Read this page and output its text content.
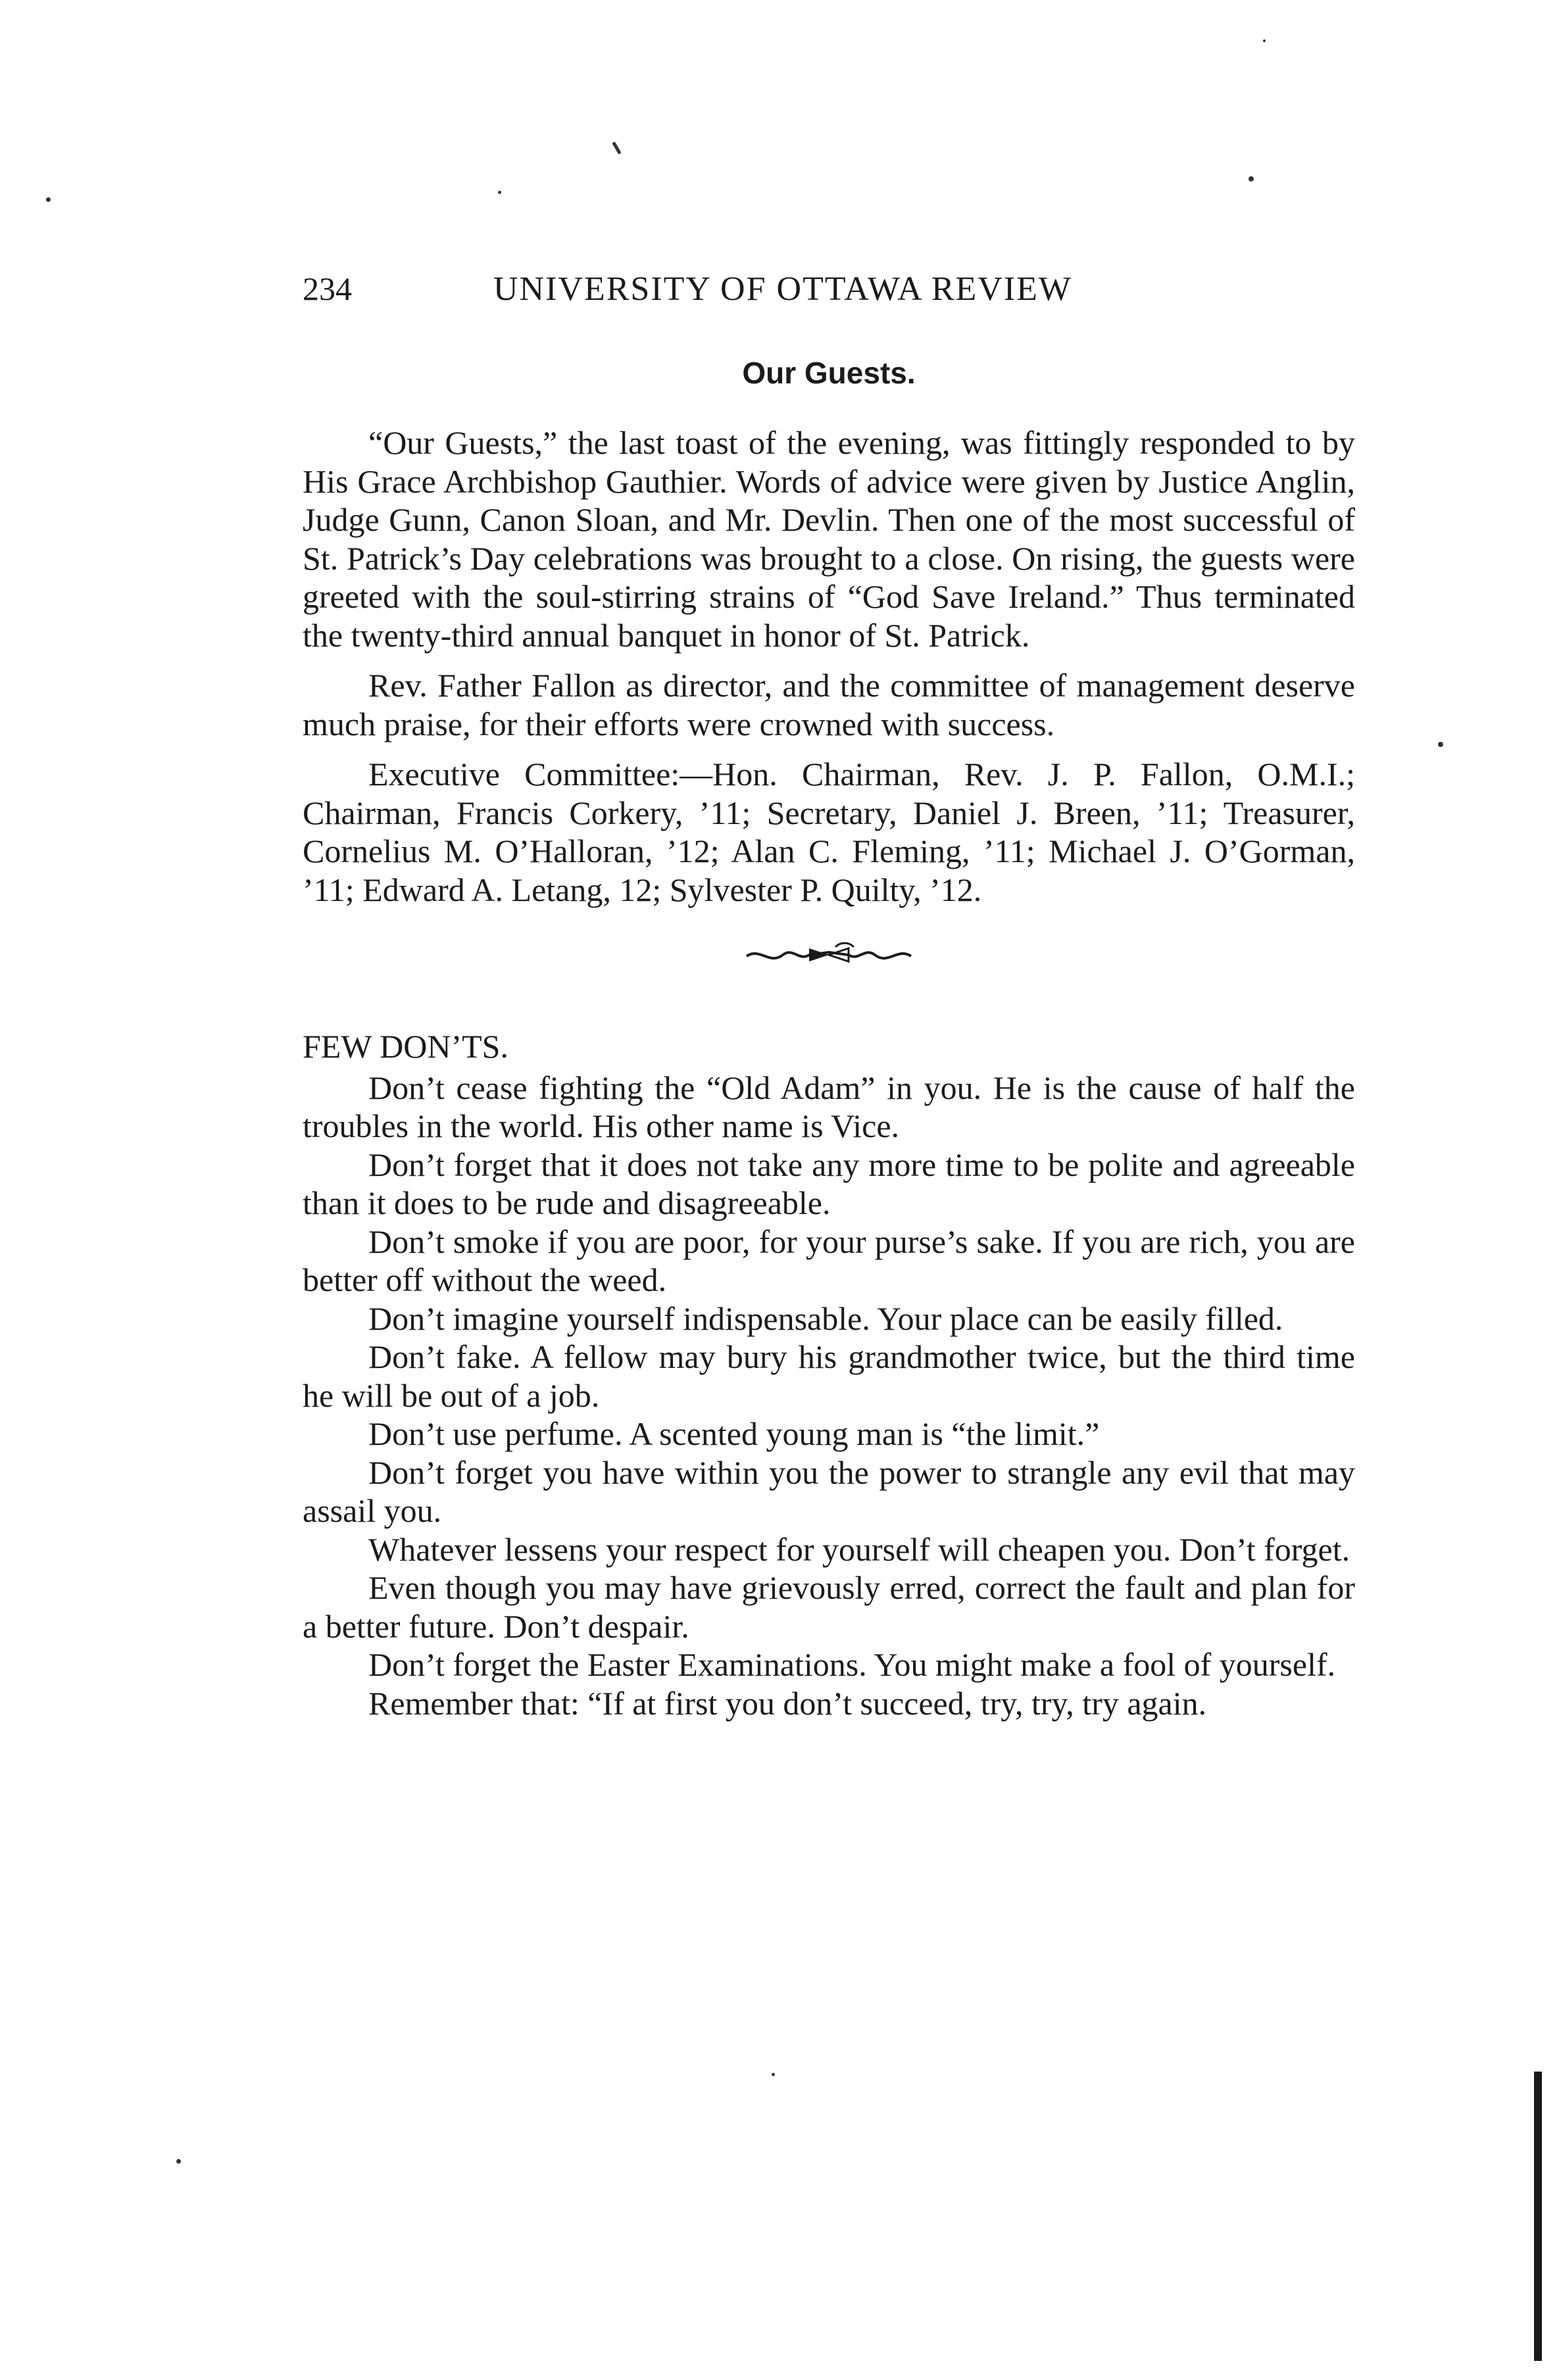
234	UNIVERSITY OF OTTAWA REVIEW
Our Guests.

“Our Guests,” the last toast of the evening, was fittingly responded to by His Grace Archbishop Gauthier. Words of advice were given by Justice Anglin, Judge Gunn, Canon Sloan, and Mr. Devlin. Then one of the most successful of St. Patrick’s Day celebrations was brought to a close. On rising, the guests were greeted with the soul-stirring strains of “God Save Ireland.” Thus terminated the twenty-third annual banquet in honor of St. Patrick.

Rev. Father Fallon as director, and the committee of management deserve much praise, for their efforts were crowned with success.

Executive Committee:—Hon. Chairman, Rev. J. P. Fallon, O.M.I.; Chairman, Francis Corkery, ’11; Secretary, Daniel J. Breen, ’11; Treasurer, Cornelius M. O’Halloran, ’12; Alan C. Fleming, ’11; Michael J. O’Gorman, ’11; Edward A. Letang, 12; Sylvester P. Quilty, ’12.

FEW DON’TS.

Don’t cease fighting the “Old Adam” in you. He is the cause of half the troubles in the world. His other name is Vice.

Don’t forget that it does not take any more time to be polite and agreeable than it does to be rude and disagreeable.

Don’t smoke if you are poor, for your purse’s sake. If you are rich, you are better off without the weed.

Don’t imagine yourself indispensable. Your place can be easily filled.

Don’t fake. A fellow may bury his grandmother twice, but the third time he will be out of a job.

Don’t use perfume. A scented young man is “the limit.”

Don’t forget you have within you the power to strangle any evil that may assail you.

Whatever lessens your respect for yourself will cheapen you. Don’t forget.

Even though you may have grievously erred, correct the fault and plan for a better future. Don’t despair.

Don’t forget the Easter Examinations. You might make a fool of yourself.

Remember that: “If at first you don’t succeed, try, try, try again.
